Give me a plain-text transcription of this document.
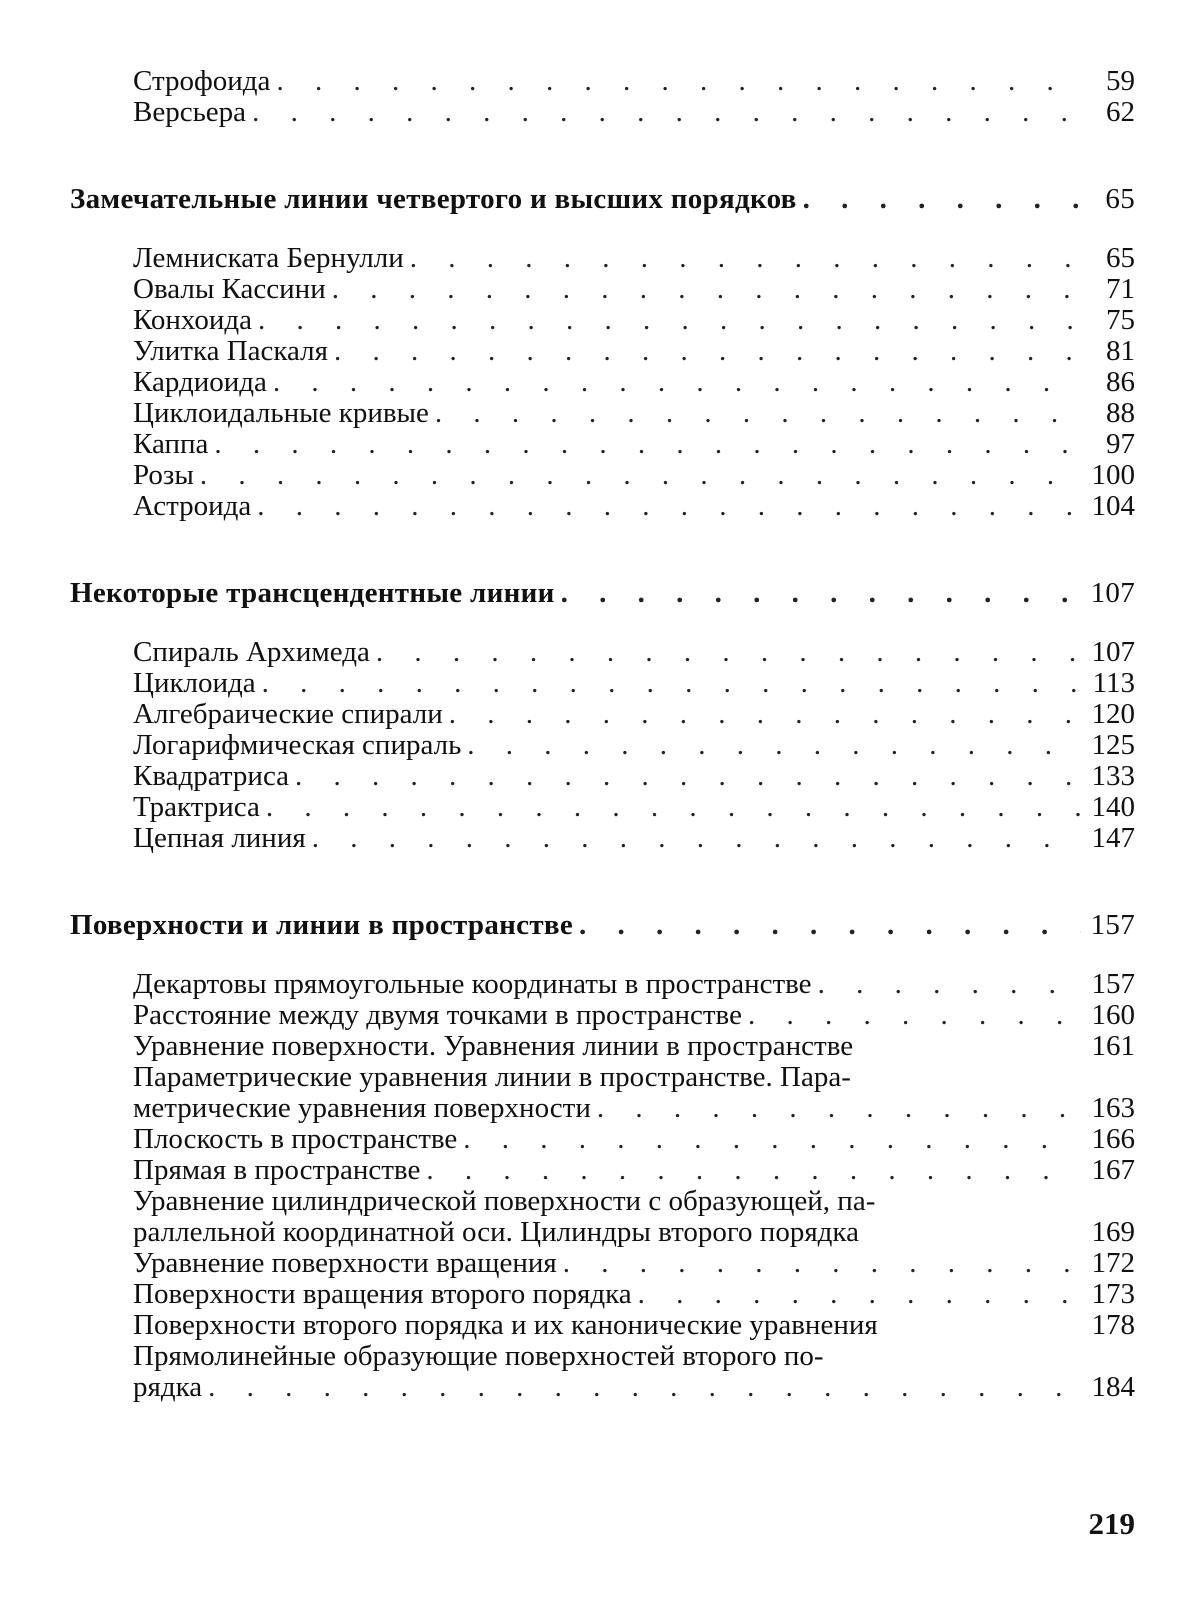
Строфоида
. . .	59
Версьера
. . .	62
Замечательные линии четвертого и высших порядков
. . .	65
Лемниската Бернулли
. . .	65
Овалы Кассини
. . .	71
Конхоида
. . .	75
Улитка Паскаля
. . .	81
Кардиоида
. . .	86
Циклоидальные кривые
. . .	88
Каппа
. . .	97
Розы
. . .	100
Астроида
. . .	104
Некоторые трансцендентные линии
. . .	107
Спираль Архимеда
. . .	107
Циклоида
. . .	113
Алгебраические спирали
. . .	120
Логарифмическая спираль
. . .	125
Квадратриса
. . .	133
Трактриса
. . .	140
Цепная линия
. . .	147
Поверхности и линии в пространстве
. . .	157
Декартовы прямоугольные координаты в пространстве
. . .	157
Расстояние между двумя точками в пространстве
. . .	160
Уравнение поверхности. Уравнения линии в пространстве	161
Параметрические уравнения линии в пространстве. Пара-
метрические уравнения поверхности
. . .	163
Плоскость в пространстве
. . .	166
Прямая в пространстве
. . .	167
Уравнение цилиндрической поверхности с образующей, па-
раллельной координатной оси. Цилиндры второго порядка	169
Уравнение поверхности вращения
. . .	172
Поверхности вращения второго порядка
. . .	173
Поверхности второго порядка и их канонические уравнения	178
Прямолинейные образующие поверхностей второго по-
рядка
. . .	184
219
